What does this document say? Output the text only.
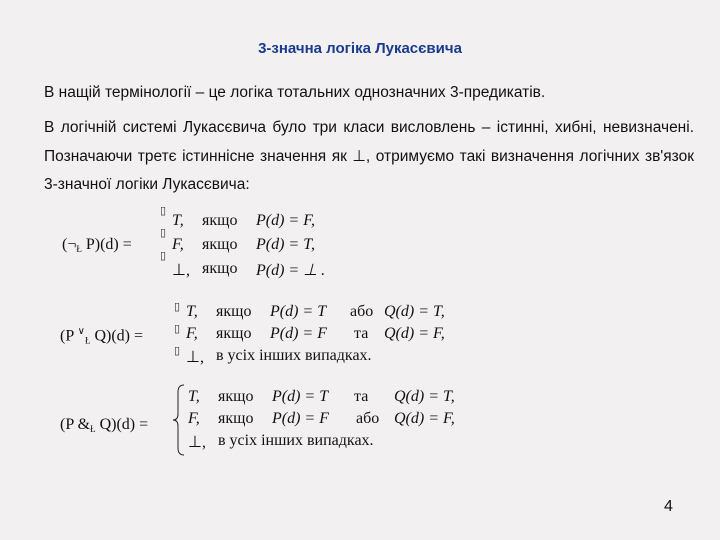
3-значна логіка Лукасєвича
В нащій термінології – це логіка тотальних однозначних 3-предикатів.
В логічній системі Лукасєвича було три класи висловлень – істинні, хибні, невизначені. Позначаючи третє істиннісне значення як ⊥, отримуємо такі визначення логічних зв'язок 3-значної логіки Лукасєвича:
($\neg_Ł$ P)(d) =
▯
▯
▯
T, якщо P(d) = F,
F, якщо P(d) = T,
⊥, якщо P(d) = ⊥ .
(P ∨$_Ł$ Q)(d) =
▯
▯
▯
T, якщо P(d) = T або Q(d) = T,
F, якщо P(d) = F та Q(d) = F,
⊥, в усіх інших випадках.
(P $\&_Ł$ Q)(d) =
T, якщо P(d) = T та Q(d) = T,
F, якщо P(d) = F або Q(d) = F,
⊥, в усіх інших випадках.
4
